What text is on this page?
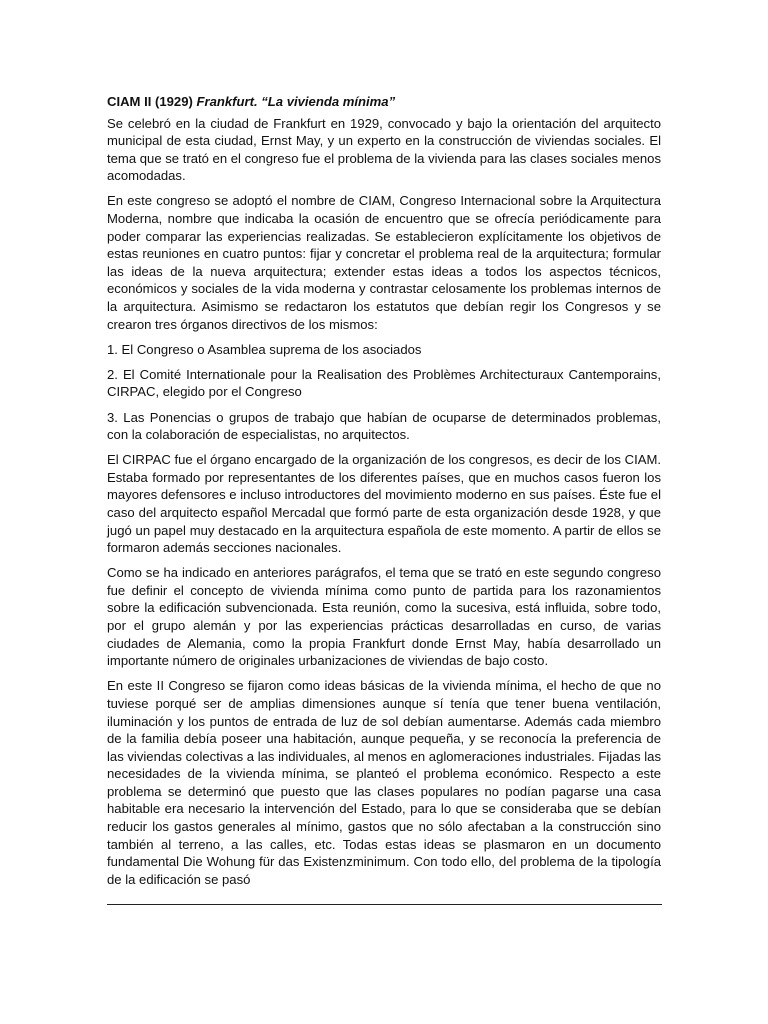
CIAM II (1929) Frankfurt. “La vivienda mínima”

Se celebró en la ciudad de Frankfurt en 1929, convocado y bajo la orientación del arquitecto municipal de esta ciudad, Ernst May, y un experto en la construcción de viviendas sociales. El tema que se trató en el congreso fue el problema de la vivienda para las clases sociales menos acomodadas.

En este congreso se adoptó el nombre de CIAM, Congreso Internacional sobre la Arquitectura Moderna, nombre que indicaba la ocasión de encuentro que se ofrecía periódicamente para poder comparar las experiencias realizadas. Se establecieron explícitamente los objetivos de estas reuniones en cuatro puntos: fijar y concretar el problema real de la arquitectura; formular las ideas de la nueva arquitectura; extender estas ideas a todos los aspectos técnicos, económicos y sociales de la vida moderna y contrastar celosamente los problemas internos de la arquitectura. Asimismo se redactaron los estatutos que debían regir los Congresos y se crearon tres órganos directivos de los mismos:

1. El Congreso o Asamblea suprema de los asociados

2. El Comité Internationale pour la Realisation des Problèmes Architecturaux Cantemporains, CIRPAC, elegido por el Congreso

3. Las Ponencias o grupos de trabajo que habían de ocuparse de determinados problemas, con la colaboración de especialistas, no arquitectos.

El CIRPAC fue el órgano encargado de la organización de los congresos, es decir de los CIAM. Estaba formado por representantes de los diferentes países, que en muchos casos fueron los mayores defensores e incluso introductores del movimiento moderno en sus países. Éste fue el caso del arquitecto español Mercadal que formó parte de esta organización desde 1928, y que jugó un papel muy destacado en la arquitectura española de este momento. A partir de ellos se formaron además secciones nacionales.

Como se ha indicado en anteriores parágrafos, el tema que se trató en este segundo congreso fue definir el concepto de vivienda mínima como punto de partida para los razonamientos sobre la edificación subvencionada. Esta reunión, como la sucesiva, está influida, sobre todo, por el grupo alemán y por las experiencias prácticas desarrolladas en curso, de varias ciudades de Alemania, como la propia Frankfurt donde Ernst May, había desarrollado un importante número de originales urbanizaciones de viviendas de bajo costo.

En este II Congreso se fijaron como ideas básicas de la vivienda mínima, el hecho de que no tuviese porqué ser de amplias dimensiones aunque sí tenía que tener buena ventilación, iluminación y los puntos de entrada de luz de sol debían aumentarse. Además cada miembro de la familia debía poseer una habitación, aunque pequeña, y se reconocía la preferencia de las viviendas colectivas a las individuales, al menos en aglomeraciones industriales. Fijadas las necesidades de la vivienda mínima, se planteó el problema económico. Respecto a este problema se determinó que puesto que las clases populares no podían pagarse una casa habitable era necesario la intervención del Estado, para lo que se consideraba que se debían reducir los gastos generales al mínimo, gastos que no sólo afectaban a la construcción sino también al terreno, a las calles, etc. Todas estas ideas se plasmaron en un documento fundamental Die Wohung für das Existenzminimum. Con todo ello, del problema de la tipología de la edificación se pasó
